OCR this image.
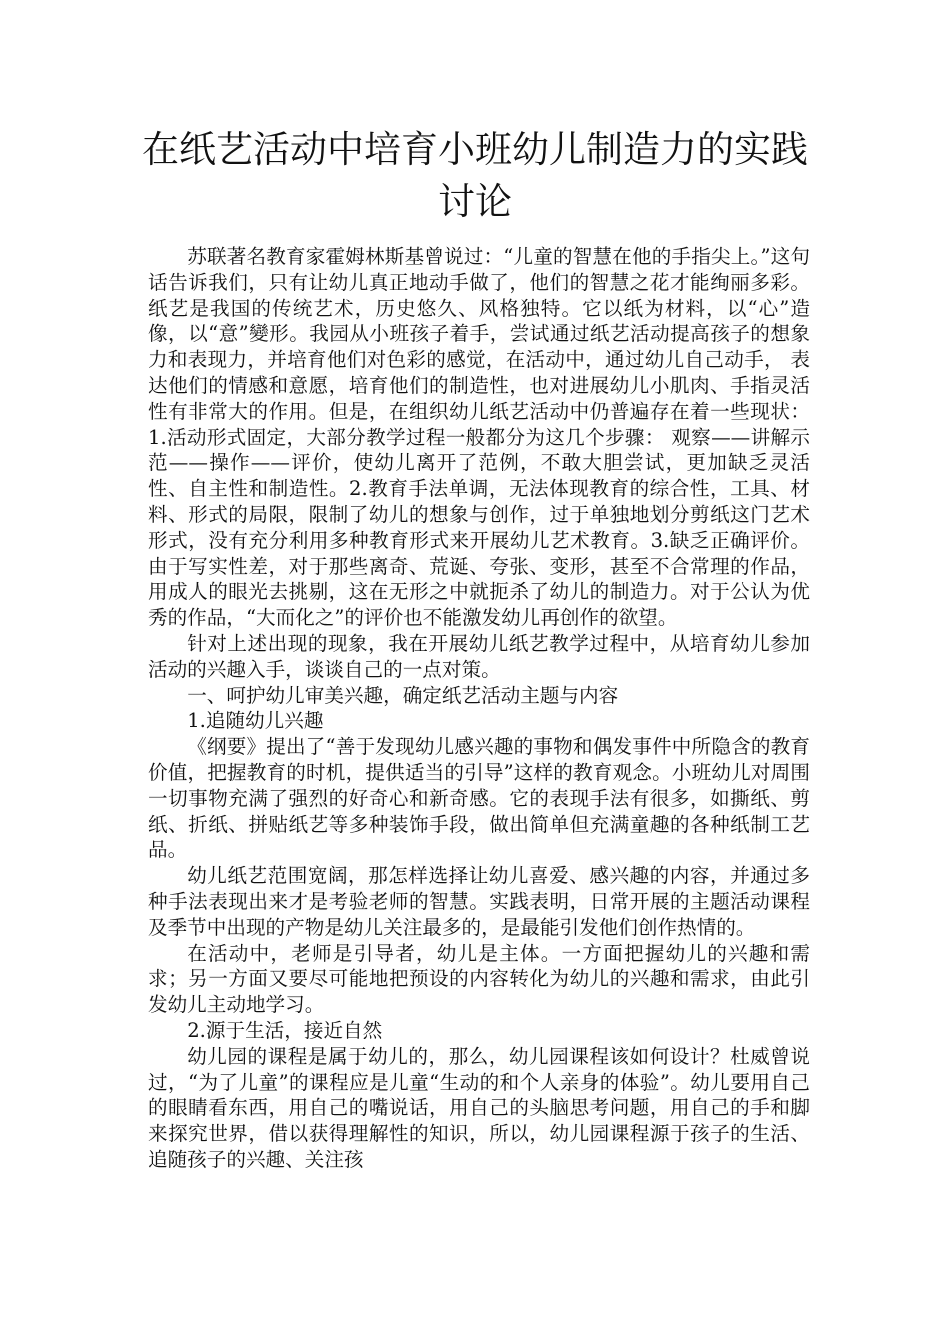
在纸艺活动中培育小班幼儿制造力的实践讨论

苏联著名教育家霍姆林斯基曾说过：“儿童的智慧在他的手指尖上。”这句话告诉我们，只有让幼儿真正地动手做了，他们的智慧之花才能绚丽多彩。纸艺是我国的传统艺术，历史悠久、风格独特。它以纸为材料，以“心”造像，以“意”變形。我园从小班孩子着手，尝试通过纸艺活动提高孩子的想象力和表现力，并培育他们对色彩的感觉，在活动中，通过幼儿自己动手， 表达他们的情感和意愿，培育他们的制造性，也对进展幼儿小肌肉、手指灵活性有非常大的作用。但是，在组织幼儿纸艺活动中仍普遍存在着一些现状：1.活动形式固定，大部分教学过程一般都分为这几个步骤： 观察——讲解示范——操作——评价，使幼儿离开了范例，不敢大胆尝试，更加缺乏灵活性、自主性和制造性。2.教育手法单调，无法体现教育的综合性，工具、材料、形式的局限，限制了幼儿的想象与创作，过于单独地划分剪纸这门艺术形式，没有充分利用多种教育形式来开展幼儿艺术教育。3.缺乏正确评价。由于写实性差，对于那些离奇、荒诞、夸张、变形，甚至不合常理的作品，用成人的眼光去挑剔，这在无形之中就扼杀了幼儿的制造力。对于公认为优秀的作品，“大而化之”的评价也不能激发幼儿再创作的欲望。

针对上述出现的现象，我在开展幼儿纸艺教学过程中，从培育幼儿参加活动的兴趣入手，谈谈自己的一点对策。

一、呵护幼儿审美兴趣，确定纸艺活动主题与内容

1.追随幼儿兴趣

《纲要》提出了“善于发现幼儿感兴趣的事物和偶发事件中所隐含的教育价值，把握教育的时机，提供适当的引导”这样的教育观念。小班幼儿对周围一切事物充满了强烈的好奇心和新奇感。它的表现手法有很多，如撕纸、剪纸、折纸、拼贴纸艺等多种装饰手段，做出简单但充满童趣的各种纸制工艺品。

幼儿纸艺范围宽阔，那怎样选择让幼儿喜爱、感兴趣的内容，并通过多种手法表现出来才是考验老师的智慧。实践表明，日常开展的主题活动课程及季节中出现的产物是幼儿关注最多的，是最能引发他们创作热情的。

在活动中，老师是引导者，幼儿是主体。一方面把握幼儿的兴趣和需求；另一方面又要尽可能地把预设的内容转化为幼儿的兴趣和需求，由此引发幼儿主动地学习。

2.源于生活，接近自然

幼儿园的课程是属于幼儿的，那么，幼儿园课程该如何设计？杜威曾说过，“为了儿童”的课程应是儿童“生动的和个人亲身的体验”。幼儿要用自己的眼睛看东西，用自己的嘴说话，用自己的头脑思考问题，用自己的手和脚来探究世界，借以获得理解性的知识，所以，幼儿园课程源于孩子的生活、追随孩子的兴趣、关注孩
